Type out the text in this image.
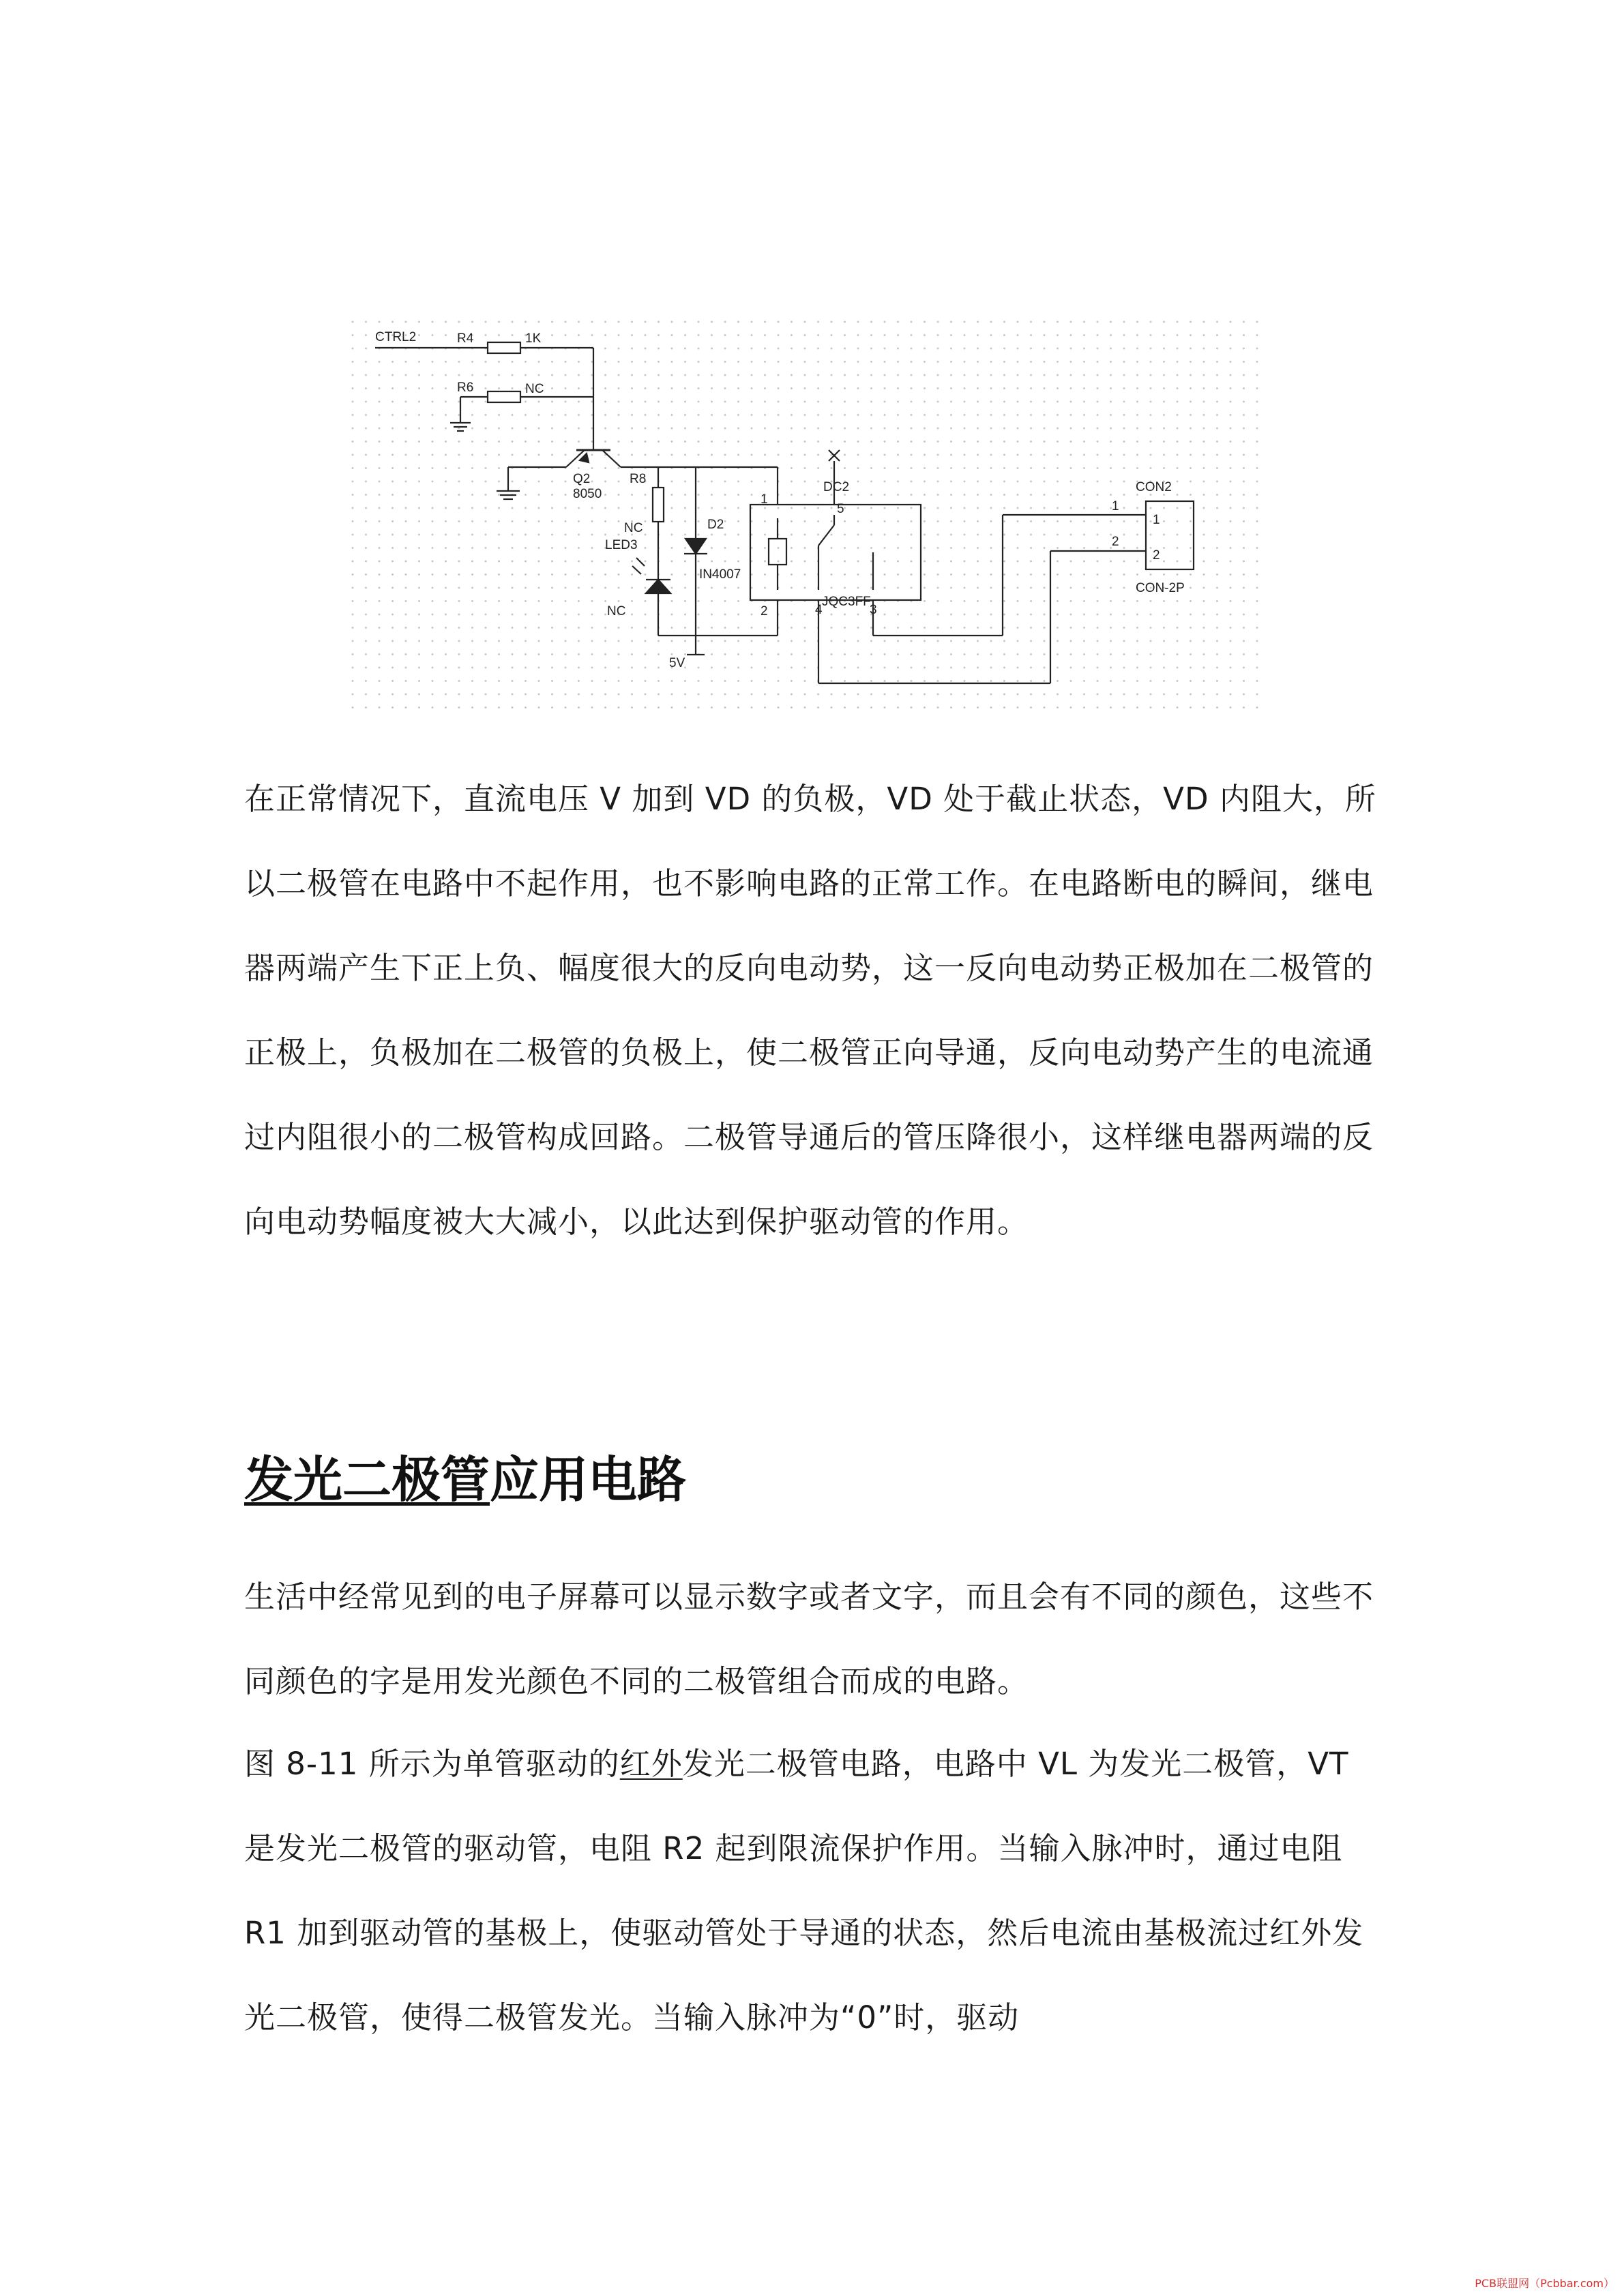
CTRL2	R4	1K
R6	NC
Q2
8050
R8
NC
LED3
NC
D2
IN4007
DC2
JQC3FF
5V
CON2
CON-2P
1
2
1
2
1
2	4	3
5

在正常情况下，直流电压 V 加到 VD 的负极，VD 处于截止状态，VD 内阻大，所以二极管在电路中不起作用，也不影响电路的正常工作。在电路断电的瞬间，继电器两端产生下正上负、幅度很大的反向电动势，这一反向电动势正极加在二极管的正极上，负极加在二极管的负极上，使二极管正向导通，反向电动势产生的电流通过内阻很小的二极管构成回路。二极管导通后的管压降很小，这样继电器两端的反向电动势幅度被大大减小，以此达到保护驱动管的作用。

发光二极管应用电路

生活中经常见到的电子屏幕可以显示数字或者文字，而且会有不同的颜色，这些不同颜色的字是用发光颜色不同的二极管组合而成的电路。

图 8-11 所示为单管驱动的红外发光二极管电路，电路中 VL 为发光二极管，VT 是发光二极管的驱动管，电阻 R2 起到限流保护作用。当输入脉冲时，通过电阻 R1 加到驱动管的基极上，使驱动管处于导通的状态，然后电流由基极流过红外发光二极管，使得二极管发光。当输入脉冲为“0”时，驱动

PCB联盟网（Pcbbar.com）
